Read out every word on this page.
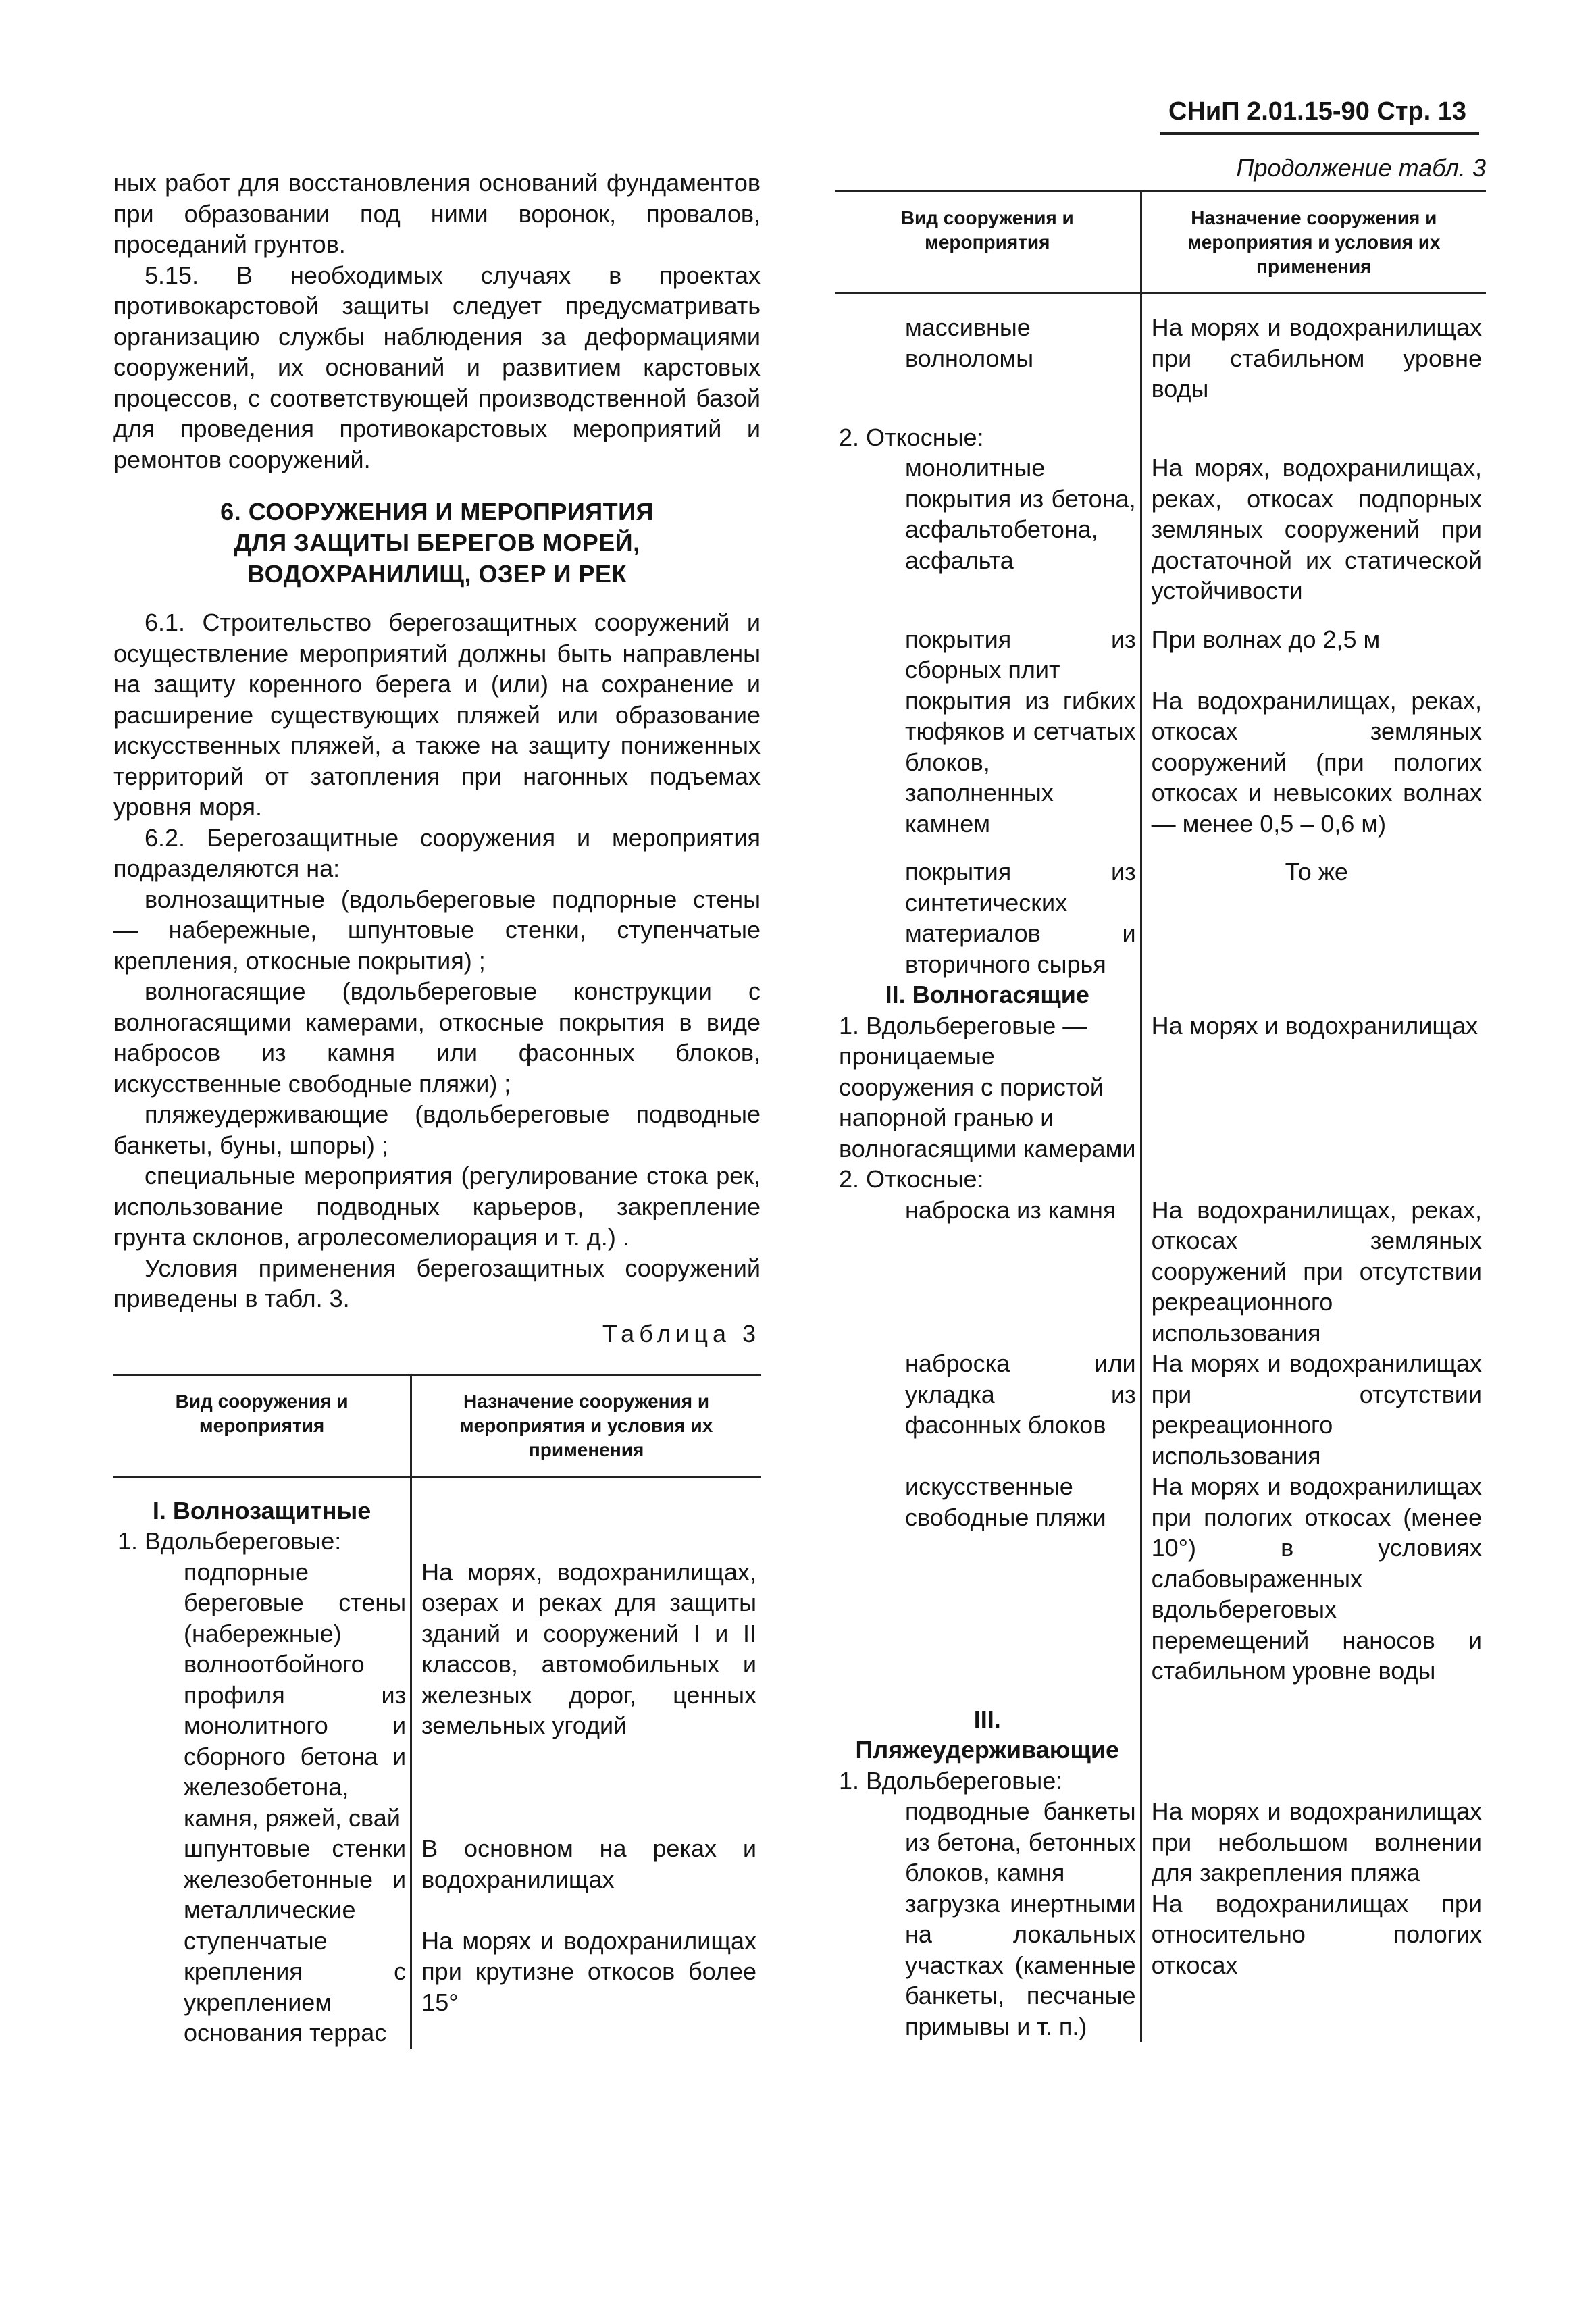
СНиП 2.01.15-90 Стр. 13

ных работ для восстановления оснований фундаментов при образовании под ними воронок, провалов, проседаний грунтов.

5.15. В необходимых случаях в проектах противокарстовой защиты следует предусматривать организацию службы наблюдения за деформациями сооружений, их оснований и развитием карстовых процессов, с соответствующей производственной базой для проведения противокарстовых мероприятий и ремонтов сооружений.

6. СООРУЖЕНИЯ И МЕРОПРИЯТИЯ
ДЛЯ ЗАЩИТЫ БЕРЕГОВ МОРЕЙ,
ВОДОХРАНИЛИЩ, ОЗЕР И РЕК

6.1. Строительство берегозащитных сооружений и осуществление мероприятий должны быть направлены на защиту коренного берега и (или) на сохранение и расширение существующих пляжей или образование искусственных пляжей, а также на защиту пониженных территорий от затопления при нагонных подъемах уровня моря.

6.2. Берегозащитные сооружения и мероприятия подразделяются на:

волнозащитные (вдольбереговые подпорные стены — набережные, шпунтовые стенки, ступенчатые крепления, откосные покрытия) ;

волногасящие (вдольбереговые конструкции с волногасящими камерами, откосные покрытия в виде набросов из камня или фасонных блоков, искусственные свободные пляжи) ;

пляжеудерживающие (вдольбереговые подводные банкеты, буны, шпоры) ;

специальные мероприятия (регулирование стока рек, использование подводных карьеров, закрепление грунта склонов, агролесомелиорация и т. д.) .

Условия применения берегозащитных сооружений приведены в табл. 3.

Таблица 3
Вид сооружения и мероприятия	Назначение сооружения и мероприятия и условия их применения
I. Волнозащитные	
1. Вдольбереговые:	
подпорные береговые стены (набережные) волноотбойного профиля из монолитного и сборного бетона и железобетона, камня, ряжей, свай	На морях, водохранилищах, озерах и реках для защиты зданий и сооружений I и II классов, автомобильных и железных дорог, ценных земельных угодий
шпунтовые стенки железобетонные и металлические	В основном на реках и водохранилищах
ступенчатые крепления с укреплением основания террас	На морях и водохранилищах при крутизне откосов более 15°
Продолжение табл. 3
Вид сооружения и мероприятия	Назначение сооружения и мероприятия и условия их применения
массивные волноломы	На морях и водохранилищах при стабильном уровне воды

2. Откосные:	
монолитные покрытия из бетона, асфальтобетона, асфальта	На морях, водохранилищах, реках, откосах подпорных земляных сооружений при достаточной их статической устойчивости

покрытия из сборных плит	При волнах до 2,5 м
покрытия из гибких тюфяков и сетчатых блоков, заполненных камнем	На водохранилищах, реках, откосах земляных сооружений (при пологих откосах и невысоких волнах — менее 0,5 – 0,6 м)

покрытия из синтетических материалов и вторичного сырья	То же
II. Волногасящие	
1. Вдольбереговые — проницаемые сооружения с пористой напорной гранью и волногасящими камерами	На морях и водохранилищах
2. Откосные:	
наброска из камня	На водохранилищах, реках, откосах земляных сооружений при отсутствии рекреационного использования
наброска или укладка из фасонных блоков	На морях и водохранилищах при отсутствии рекреационного использования
искусственные свободные пляжи	На морях и водохранилищах при пологих откосах (менее 10°) в условиях слабовыраженных вдольбереговых перемещений наносов и стабильном уровне воды

III. Пляжеудерживающие	
1. Вдольбереговые:	
подводные банкеты из бетона, бетонных блоков, камня	На морях и водохранилищах при небольшом волнении для закрепления пляжа
загрузка инертными на локальных участках (каменные банкеты, песчаные примывы и т. п.)	На водохранилищах при относительно пологих откосах
